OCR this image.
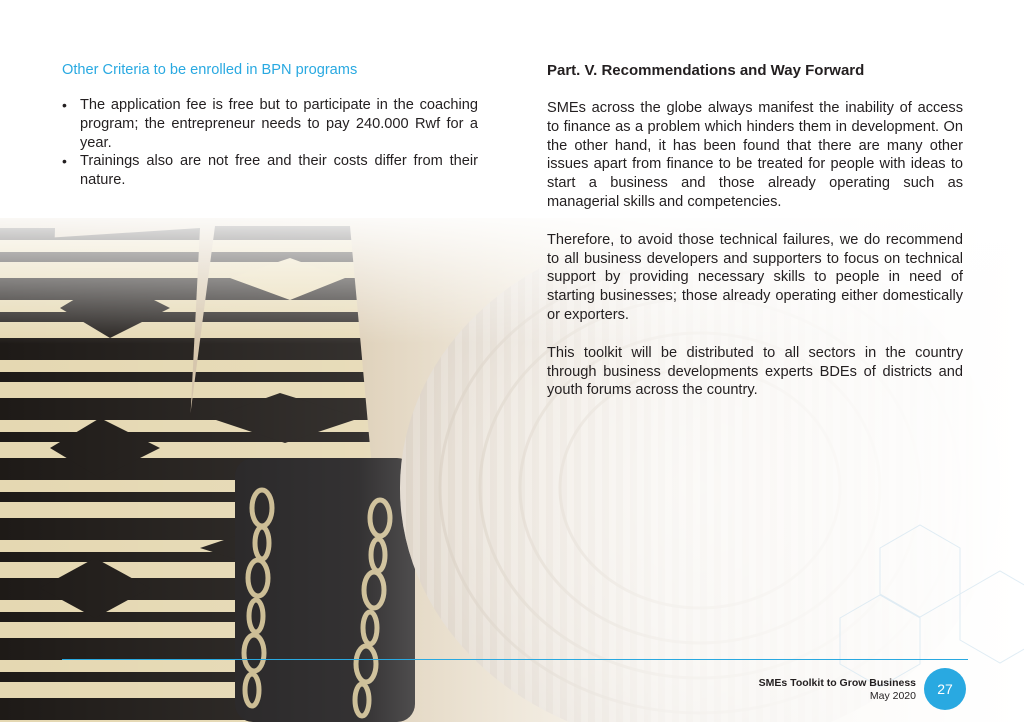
Other Criteria to be enrolled in BPN programs
• The application fee is free but to participate in the coaching program; the entrepreneur needs to pay 240.000 Rwf for a year.
• Trainings also are not free and their costs differ from their nature.
Part. V. Recommendations and Way Forward

SMEs across the globe always manifest the inability of access to finance as a problem which hinders them in development. On the other hand, it has been found that there are many other issues apart from finance to be treated for people with ideas to start a business and those already operating such as managerial skills and competencies.

Therefore, to avoid those technical failures, we do recommend to all business developers and supporters to focus on technical support by providing necessary skills to people in need of starting businesses; those already operating either domestically or exporters.

This toolkit will be distributed to all sectors in the country through business developments experts BDEs of districts and youth forums across the country.

SMEs Toolkit to Grow Business
May 2020	27
